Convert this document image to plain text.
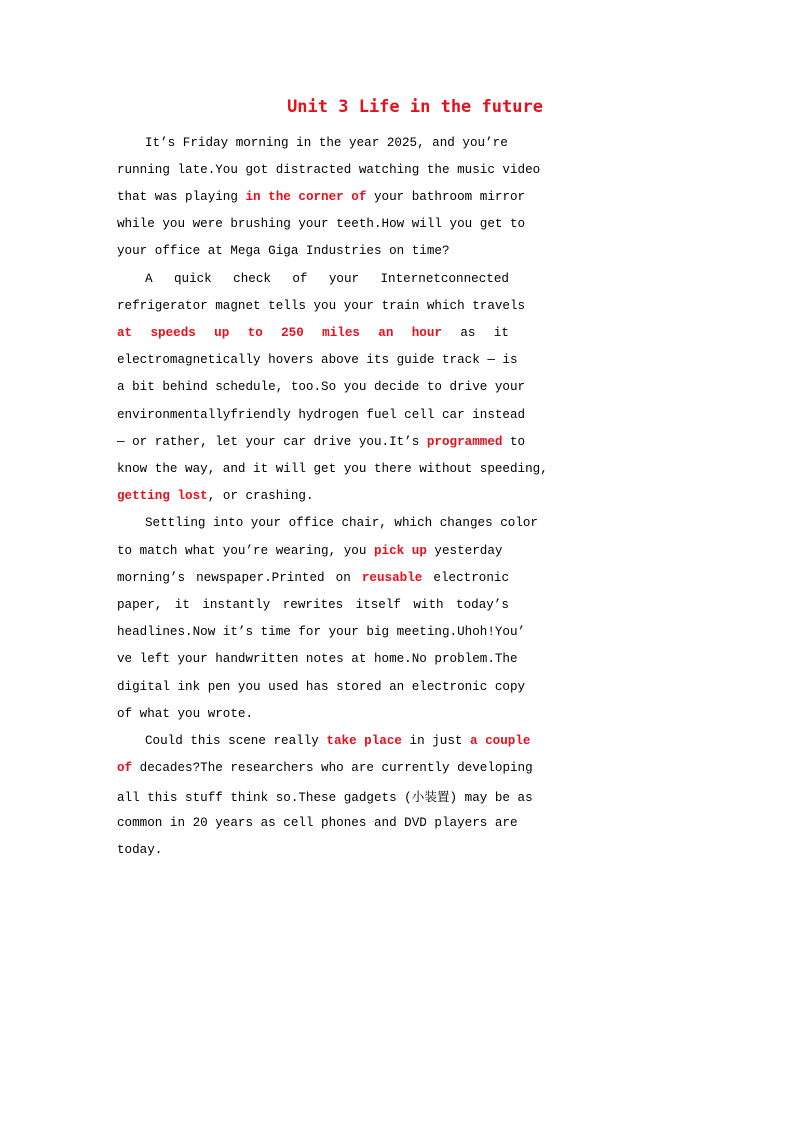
Unit 3 Life in the future
It’s Friday morning in the year 2025, and you’re
running late.You got distracted watching the music video
that was playing in the corner of your bathroom mirror
while you were brushing your teeth.How will you get to
your office at Mega Giga Industries on time?
A quick check of your Internetconnected
refrigerator magnet tells you your train which travels
at speeds up to 250 miles an hour as it
electromagnetically hovers above its guide track — is
a bit behind schedule, too.So you decide to drive your
environmentallyfriendly hydrogen fuel cell car instead
— or rather, let your car drive you.It’s programmed to
know the way, and it will get you there without speeding,
getting lost , or crashing.
Settling into your office chair, which changes color
to match what you’re wearing, you pick up yesterday
morning’s newspaper.Printed on reusable electronic
paper, it instantly rewrites itself with today’s
headlines.Now it’s time for your big meeting.Uhoh!You’
ve left your handwritten notes at home.No problem.The
digital ink pen you used has stored an electronic copy
of what you wrote.
Could this scene really take place in just a couple
of decades?The researchers who are currently developing
all this stuff think so.These gadgets (小装置) may be as
common in 20 years as cell phones and DVD players are
today.
